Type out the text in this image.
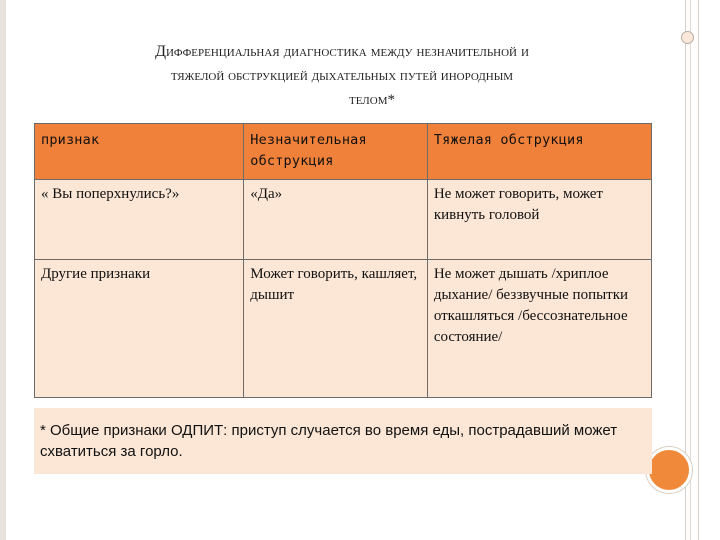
Дифференциальная диагностика между незначительной и
тяжелой обструкцией дыхательных путей инородным
телом*
признак	Незначительная обструкция	Тяжелая обструкция
« Вы поперхнулись?»	«Да»	Не может говорить, может кивнуть головой
Другие признаки	Может говорить, кашляет, дышит	Не может дышать /хриплое дыхание/ беззвучные попытки откашляться /бессознательное состояние/

* Общие признаки ОДПИТ: приступ случается во время еды, пострадавший может схватиться за горло.
